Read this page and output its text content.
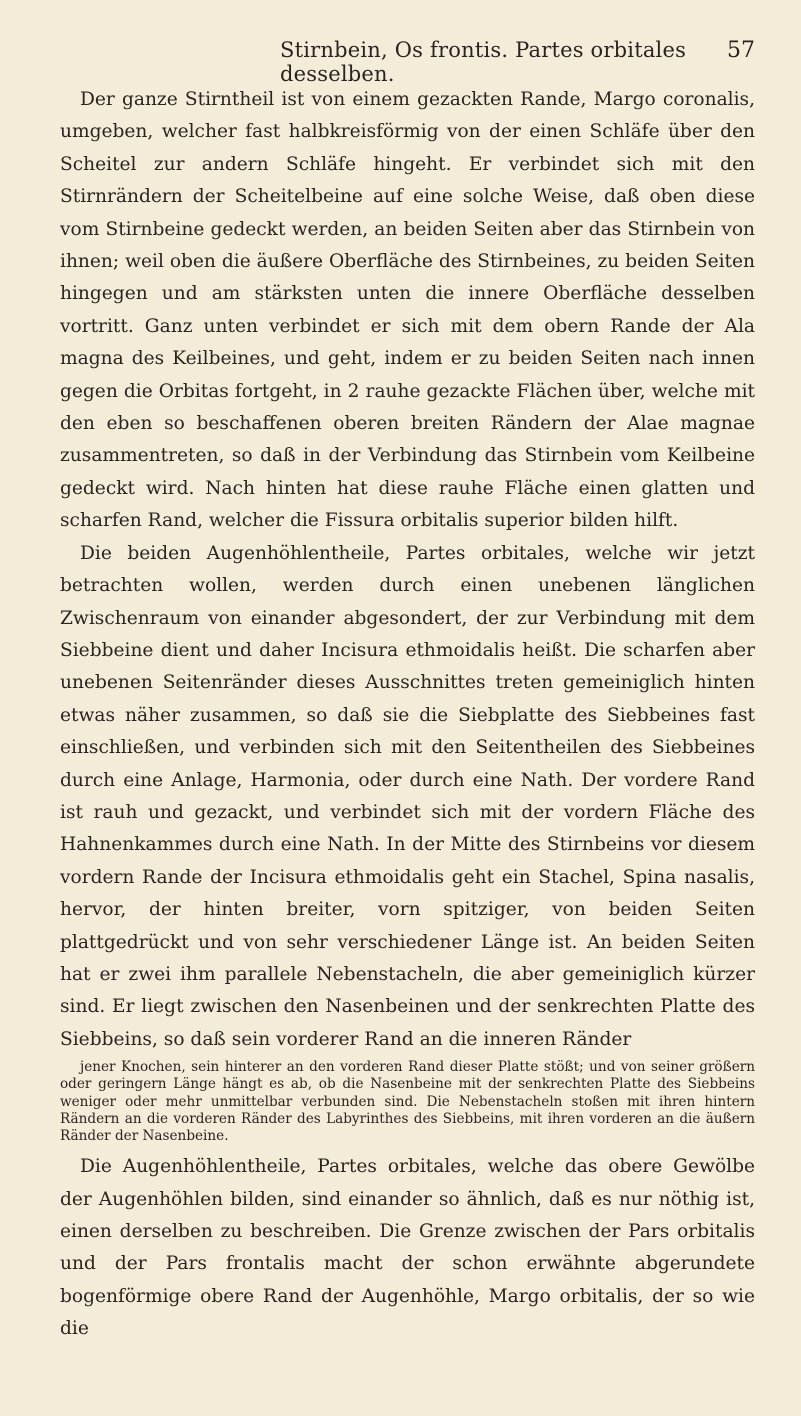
Stirnbein, Os frontis. Partes orbitales desselben.
57

Der ganze Stirntheil ist von einem gezackten Rande, Margo coronalis, umgeben, welcher fast halbkreisförmig von der einen Schläfe über den Scheitel zur andern Schläfe hingeht. Er verbindet sich mit den Stirnrändern der Scheitelbeine auf eine solche Weise, daß oben diese vom Stirnbeine gedeckt werden, an beiden Seiten aber das Stirnbein von ihnen; weil oben die äußere Oberfläche des Stirnbeines, zu beiden Seiten hingegen und am stärksten unten die innere Oberfläche desselben vortritt. Ganz unten verbindet er sich mit dem obern Rande der Ala magna des Keilbeines, und geht, indem er zu beiden Seiten nach innen gegen die Orbitas fortgeht, in 2 rauhe gezackte Flächen über, welche mit den eben so beschaffenen oberen breiten Rändern der Alae magnae zusammentreten, so daß in der Verbindung das Stirnbein vom Keilbeine gedeckt wird. Nach hinten hat diese rauhe Fläche einen glatten und scharfen Rand, welcher die Fissura orbitalis superior bilden hilft.

Die beiden Augenhöhlentheile, Partes orbitales, welche wir jetzt betrachten wollen, werden durch einen unebenen länglichen Zwischenraum von einander abgesondert, der zur Verbindung mit dem Siebbeine dient und daher Incisura ethmoidalis heißt. Die scharfen aber unebenen Seitenränder dieses Ausschnittes treten gemeiniglich hinten etwas näher zusammen, so daß sie die Siebplatte des Siebbeines fast einschließen, und verbinden sich mit den Seitentheilen des Siebbeines durch eine Anlage, Harmonia, oder durch eine Nath. Der vordere Rand ist rauh und gezackt, und verbindet sich mit der vordern Fläche des Hahnenkammes durch eine Nath. In der Mitte des Stirnbeins vor diesem vordern Rande der Incisura ethmoidalis geht ein Stachel, Spina nasalis, hervor, der hinten breiter, vorn spitziger, von beiden Seiten plattgedrückt und von sehr verschiedener Länge ist. An beiden Seiten hat er zwei ihm parallele Nebenstacheln, die aber gemeiniglich kürzer sind. Er liegt zwischen den Nasenbeinen und der senkrechten Platte des Siebbeins, so daß sein vorderer Rand an die inneren Ränder

jener Knochen, sein hinterer an den vorderen Rand dieser Platte stößt; und von seiner größern oder geringern Länge hängt es ab, ob die Nasenbeine mit der senkrechten Platte des Siebbeins weniger oder mehr unmittelbar verbunden sind. Die Nebenstacheln stoßen mit ihren hintern Rändern an die vorderen Ränder des Labyrinthes des Siebbeins, mit ihren vorderen an die äußern Ränder der Nasenbeine.

Die Augenhöhlentheile, Partes orbitales, welche das obere Gewölbe der Augenhöhlen bilden, sind einander so ähnlich, daß es nur nöthig ist, einen derselben zu beschreiben. Die Grenze zwischen der Pars orbitalis und der Pars frontalis macht der schon erwähnte abgerundete bogenförmige obere Rand der Augenhöhle, Margo orbitalis, der so wie die
